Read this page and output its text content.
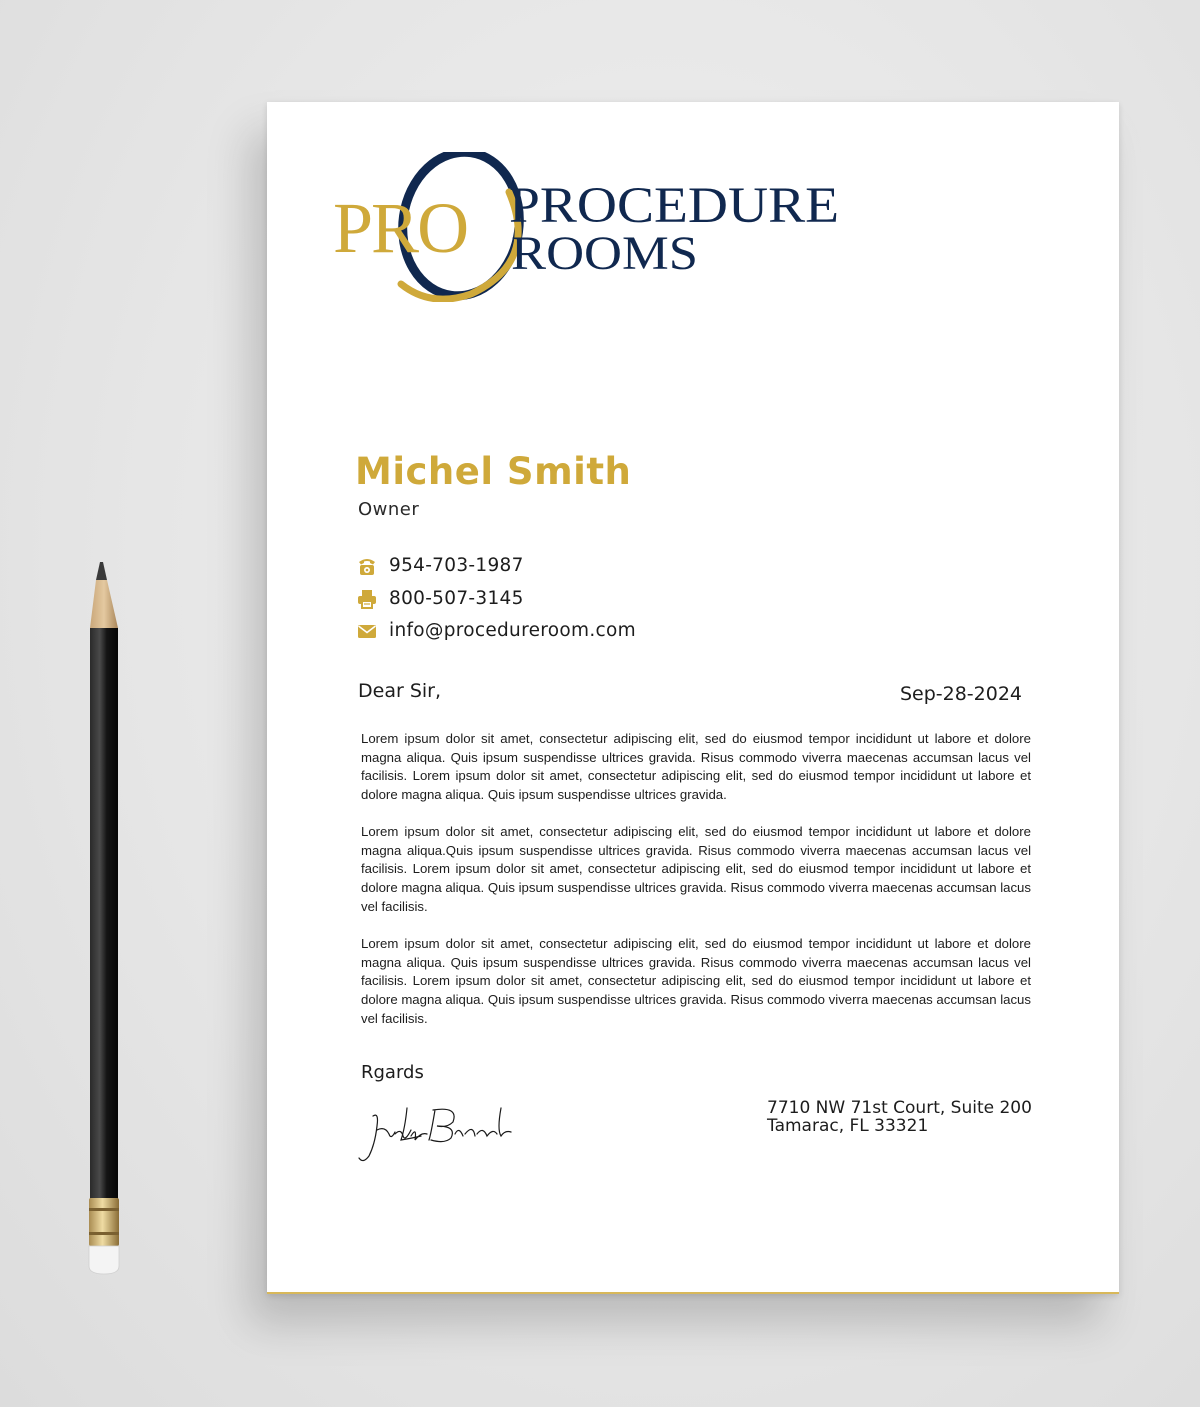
PRO PROCEDURE
ROOMS
Michel Smith
Owner
954-703-1987
800-507-3145
info@procedureroom.com
Dear Sir,	Sep-28-2024

Lorem ipsum dolor sit amet, consectetur adipiscing elit, sed do eiusmod tempor incididunt ut labore et dolore magna aliqua. Quis ipsum suspendisse ultrices gravida. Risus commodo viverra maecenas accumsan lacus vel facilisis. Lorem ipsum dolor sit amet, consectetur adipiscing elit, sed do eiusmod tempor incididunt ut labore et dolore magna aliqua. Quis ipsum suspendisse ultrices gravida.

Lorem ipsum dolor sit amet, consectetur adipiscing elit, sed do eiusmod tempor incididunt ut labore et dolore magna aliqua.Quis ipsum suspendisse ultrices gravida. Risus commodo viverra maecenas accumsan lacus vel facilisis. Lorem ipsum dolor sit amet, consectetur adipiscing elit, sed do eiusmod tempor incididunt ut labore et dolore magna aliqua. Quis ipsum suspendisse ultrices gravida. Risus commodo viverra maecenas accumsan lacus vel facilisis.

Lorem ipsum dolor sit amet, consectetur adipiscing elit, sed do eiusmod tempor incididunt ut labore et dolore magna aliqua. Quis ipsum suspendisse ultrices gravida. Risus commodo viverra maecenas accumsan lacus vel facilisis. Lorem ipsum dolor sit amet, consectetur adipiscing elit, sed do eiusmod tempor incididunt ut labore et dolore magna aliqua. Quis ipsum suspendisse ultrices gravida. Risus commodo viverra maecenas accumsan lacus vel facilisis.

Rgards
7710 NW 71st Court, Suite 200
Tamarac, FL 33321
